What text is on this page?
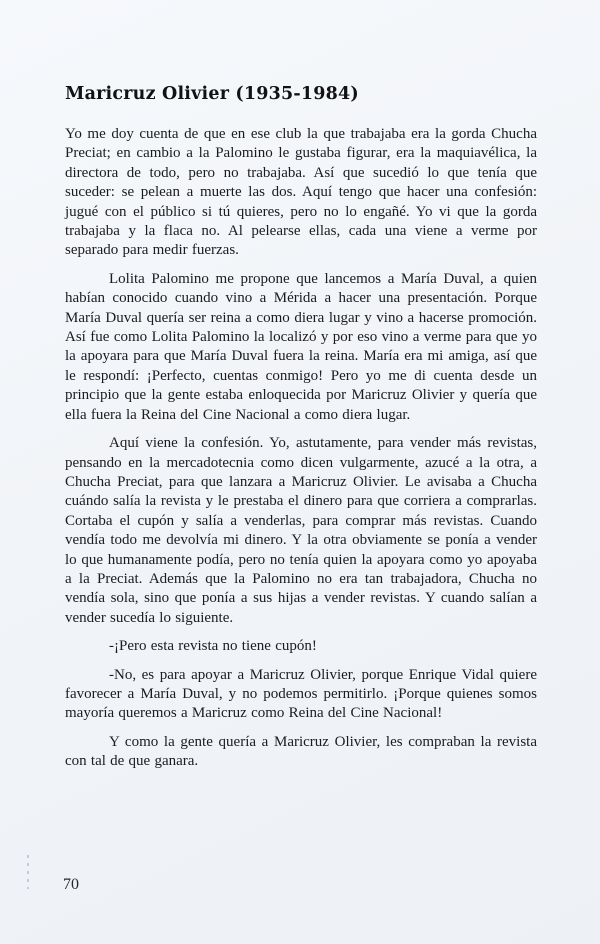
Maricruz Olivier (1935-1984)

Yo me doy cuenta de que en ese club la que trabajaba era la gorda Chucha Preciat; en cambio a la Palomino le gustaba figurar, era la maquiavélica, la directora de todo, pero no trabajaba. Así que sucedió lo que tenía que suceder: se pelean a muerte las dos. Aquí tengo que hacer una confesión: jugué con el público si tú quieres, pero no lo engañé. Yo vi que la gorda trabajaba y la flaca no. Al pelearse ellas, cada una viene a verme por separado para medir fuerzas.

Lolita Palomino me propone que lancemos a María Duval, a quien habían conocido cuando vino a Mérida a hacer una presentación. Porque María Duval quería ser reina a como diera lugar y vino a hacerse promoción. Así fue como Lolita Palomino la localizó y por eso vino a verme para que yo la apoyara para que María Duval fuera la reina. María era mi amiga, así que le respondí: ¡Perfecto, cuentas conmigo! Pero yo me di cuenta desde un principio que la gente estaba enloquecida por Maricruz Olivier y quería que ella fuera la Reina del Cine Nacional a como diera lugar.

Aquí viene la confesión. Yo, astutamente, para vender más revistas, pensando en la mercadotecnia como dicen vulgarmente, azucé a la otra, a Chucha Preciat, para que lanzara a Maricruz Olivier. Le avisaba a Chucha cuándo salía la revista y le prestaba el dinero para que corriera a comprarlas. Cortaba el cupón y salía a venderlas, para comprar más revistas. Cuando vendía todo me devolvía mi dinero. Y la otra obviamente se ponía a vender lo que humanamente podía, pero no tenía quien la apoyara como yo apoyaba a la Preciat. Además que la Palomino no era tan trabajadora, Chucha no vendía sola, sino que ponía a sus hijas a vender revistas. Y cuando salían a vender sucedía lo siguiente.

-¡Pero esta revista no tiene cupón!

-No, es para apoyar a Maricruz Olivier, porque Enrique Vidal quiere favorecer a María Duval, y no podemos permitirlo. ¡Porque quienes somos mayoría queremos a Maricruz como Reina del Cine Nacional!

Y como la gente quería a Maricruz Olivier, les compraban la revista con tal de que ganara.

70
